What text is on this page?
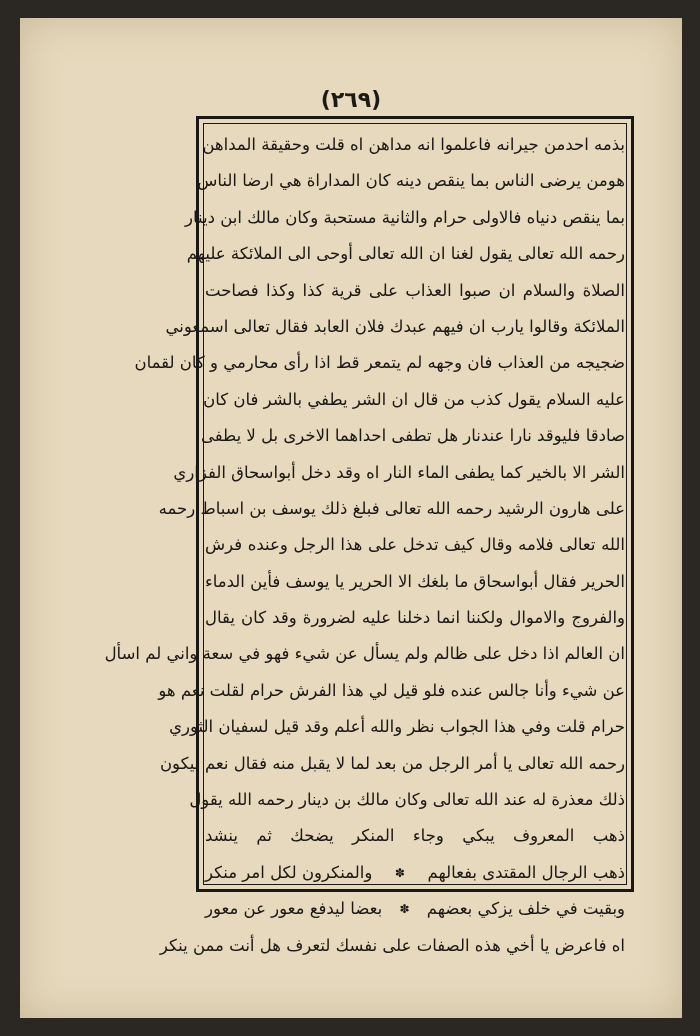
(٢٦٩)
بذمه احدمن جيرانه فاعلموا انه مداهن اه قلت وحقيقة المداهن
هومن يرضى الناس بما ينقص دينه كان المداراة هي ارضا الناس
بما ينقص دنياه فالاولى حرام والثانية مستحبة وكان مالك ابن دينار
رحمه الله تعالى يقول لغنا ان الله تعالى أوحى الى الملائكة عليهم
الصلاة والسلام ان صبوا العذاب على قرية كذا وكذا فصاحت
الملائكة وقالوا يارب ان فيهم عبدك فلان العابد فقال تعالى اسمعوني
ضجيجه من العذاب فان وجهه لم يتمعر قط اذا رأى محارمي و كان لقمان
عليه السلام يقول كذب من قال ان الشر يطفي بالشر فان كان
صادقا فليوقد نارا عندنار هل تطفى احداهما الاخرى بل لا يطفى
الشر الا بالخير كما يطفى الماء النار اه وقد دخل أبواسحاق الفزاري
على هارون الرشيد رحمه الله تعالى فبلغ ذلك يوسف بن اسباط رحمه
الله تعالى فلامه وقال كيف تدخل على هذا الرجل وعنده فرش
الحرير فقال أبواسحاق ما بلغك الا الحرير يا يوسف فأين الدماء
والفروج والاموال ولكننا انما دخلنا عليه لضرورة وقد كان يقال
ان العالم اذا دخل على ظالم ولم يسأل عن شيء فهو في سعة واني لم اسأل
عن شيء وأنا جالس عنده فلو قيل لي هذا الفرش حرام لقلت نعم هو
حرام قلت وفي هذا الجواب نظر والله أعلم وقد قيل لسفيان الثوري
رحمه الله تعالى يا أمر الرجل من بعد لما لا يقبل منه فقال نعم ليكون
ذلك معذرة له عند الله تعالى وكان مالك بن دينار رحمه الله يقول
ذهب المعروف يبكي وجاء المنكر يضحك ثم ينشد
ذهب الرجال المقتدى بفعالهم
✽
والمنكرون لكل امر منكر
وبقيت في خلف يزكي بعضهم
✽
بعضا ليدفع معور عن معور
اه فاعرض يا أخي هذه الصفات على نفسك لتعرف هل أنت ممن ينكر
